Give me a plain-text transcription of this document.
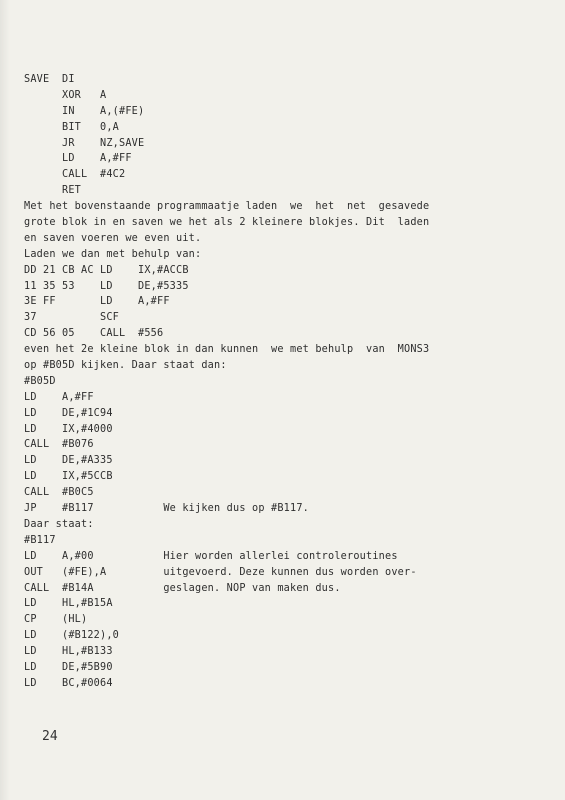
SAVE  DI
XOR   A
IN    A,(#FE)
BIT   0,A
JR    NZ,SAVE
LD    A,#FF
CALL  #4C2
RET
Met het bovenstaande programmaatje laden  we  het  net  gesavede
grote blok in en saven we het als 2 kleinere blokjes. Dit  laden
en saven voeren we even uit.
Laden we dan met behulp van:
DD 21 CB AC LD    IX,#ACCB
11 35 53    LD    DE,#5335
3E FF       LD    A,#FF
37          SCF
CD 56 05    CALL  #556
even het 2e kleine blok in dan kunnen  we met behulp  van  MONS3
op #B05D kijken. Daar staat dan:
#B05D
LD    A,#FF
LD    DE,#1C94
LD    IX,#4000
CALL  #B076
LD    DE,#A335
LD    IX,#5CCB
CALL  #B0C5
JP    #B117           We kijken dus op #B117.
Daar staat:
#B117
LD    A,#00           Hier worden allerlei controleroutines
OUT   (#FE),A         uitgevoerd. Deze kunnen dus worden over-
CALL  #B14A           geslagen. NOP van maken dus.
LD    HL,#B15A
CP    (HL)
LD    (#B122),0
LD    HL,#B133
LD    DE,#5B90
LD    BC,#0064
24
